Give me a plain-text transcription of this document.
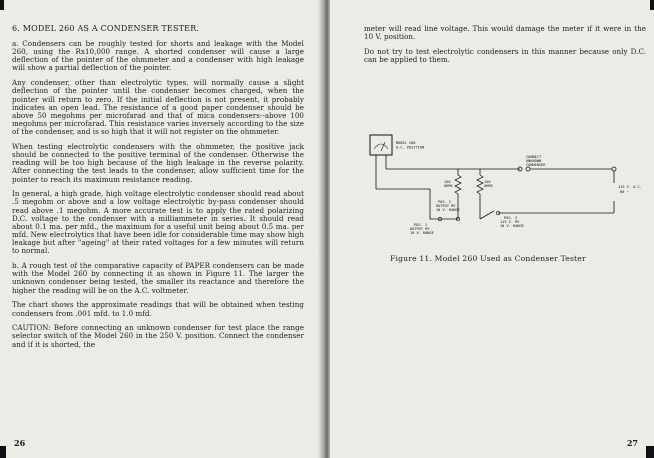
6. MODEL 260 AS A CONDENSER TESTER.

a. Condensers can be roughly tested for shorts and leakage with the Model 260, using the Rx10,000 range. A shorted condenser will cause a large deflection of the pointer of the ohmmeter and a condenser with high leakage will show a partial deflection of the pointer.

Any condenser, other than electrolytic types, will normally cause a slight deflection of the pointer until the condenser becomes charged, when the pointer will return to zero. If the initial deflection is not present, it probably indicates an open lead. The resistance of a good paper condenser should be above 50 megohms per microfarad and that of mica condensers--above 100 megohms per microfarad. This resistance varies inversely according to the size of the condenser, and is so high that it will not register on the ohmmeter.

When testing electrolytic condensers with the ohmmeter, the positive jack should be connected to the positive terminal of the condenser. Otherwise the reading will be too high because of the high leakage in the reverse polarity. After connecting the test leads to the condenser, allow sufficient time for the pointer to reach its maximum resistance reading.

In general, a high grade, high voltage electrolytic condenser should read about .5 megohm or above and a low voltage electrolytic by-pass condenser should read above .1 megohm. A more accurate test is to apply the rated polarizing D.C. voltage to the condenser with a milliammeter in series. It should read about 0.1 ma. per mfd., the maximum for a useful unit being about 0.5 ma. per mfd. New electrolytics that have been idle for considerable time may show high leakage but after "ageing" at their rated voltages for a few minutes will return to normal.

b. A rough test of the comparative capacity of PAPER condensers can be made with the Model 260 by connecting it as shown in Figure 11. The larger the unknown condenser being tested, the smaller its reactance and therefore the higher the reading will be on the A.C. voltmeter.

The chart shows the approximate readings that will be obtained when testing condensers from .001 mfd. to 1.0 mfd.

CAUTION: Before connecting an unknown condenser for test place the range selector switch of the Model 260 in the 250 V. position. Connect the condenser and if it is shorted, the

26

meter will read line voltage. This would damage the meter if it were in the 10 V. position.

Do not try to test electrolytic condensers in this manner because only D.C. can be applied to them.

MODEL 260
A.C. POSITION
CONNECT
UNKNOWN
CONDENSER
150
OHMS
150
OHMS	115 V. A.C.
60 ~
POS. 2
OUTPUT MY
10 V. RANGE
POS. 1
OUTPUT MY
10 V. RANGE
POS. 3
115 V. MY
10 V. RANGE
Figure 11. Model 260 Used as Condenser Tester
27
